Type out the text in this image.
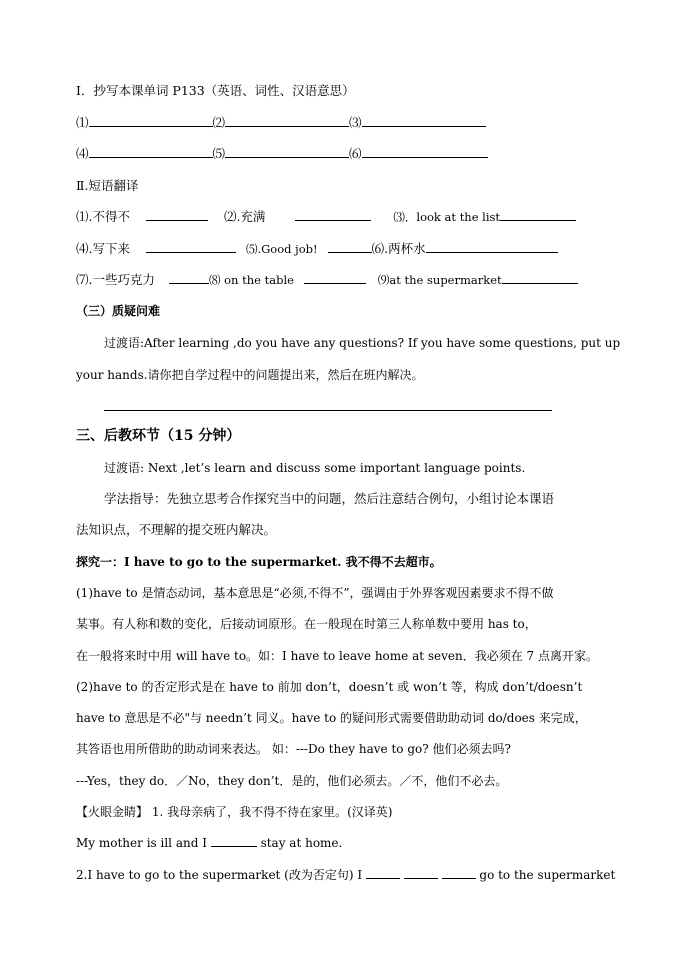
I．抄写本课单词 P133（英语、词性、汉语意思）
⑴	⑵	⑶
⑷	⑸	⑹
Ⅱ.短语翻译
⑴.不得不	⑵.充满	⑶．look at the list
⑷.写下来	⑸.Good job!	⑹.两杯水
⑺.一些巧克力	⑻ on the table	⑼at the supermarket
（三）质疑问难
过渡语:After learning ,do you have any questions? If you have some questions, put up
your hands.请你把自学过程中的问题提出来，然后在班内解决。
三、后教环节（15 分钟）
过渡语: Next ,let’s learn and discuss some important language points.
学法指导：先独立思考合作探究当中的问题，然后注意结合例句，小组讨论本课语
法知识点，不理解的提交班内解决。
探究一：I have to go to the supermarket. 我不得不去超市。
(1)have to 是情态动词，基本意思是“必须,不得不”，强调由于外界客观因素要求不得不做
某事。有人称和数的变化，后接动词原形。在一般现在时第三人称单数中要用 has to，
在一般将来时中用 will have to。如：I have to leave home at seven．我必须在 7 点离开家。
(2)have to 的否定形式是在 have to 前加 don’t，doesn’t 或 won’t 等，构成 don’t/doesn’t
have to 意思是不必"与 needn’t 同义。have to 的疑问形式需要借助助动词 do/does 来完成，
其答语也用所借助的助动词来表达。 如：---Do they have to go? 他们必须去吗?
---Yes，they do．／No，they don’t．是的，他们必须去。／不，他们不必去。
【火眼金睛】 1. 我母亲病了，我不得不待在家里。(汉译英)
My mother is ill and I	stay at home.
2.I have to go to the supermarket (改为否定句) I	go to the supermarket
